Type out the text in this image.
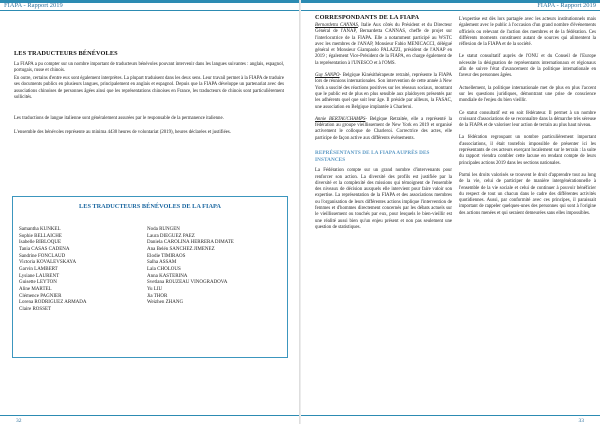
FIAPA - Rapport 2019
LES TRADUCTEURS BÉNÉVOLES

La FIAPA a pu compter sur un nombre important de traducteurs bénévoles pouvant intervenir dans les langues suivantes : anglais, espagnol, portugais, russe et chinois.

En outre, certains d'entre eux sont également interprètes. La plupart traduisent dans les deux sens. Leur travail permet à la FIAPA de traduire ses documents publics en plusieurs langues, principalement en anglais et espagnol. Depuis que la FIAPA développe un partenariat avec des associations chinoises de personnes âgées ainsi que les représentations chinoises en France, les traducteurs de chinois sont particulièrement sollicités.

Les traductions de langue italienne sont généralement assurées par le responsable de la permanence italienne.

L'ensemble des bénévoles représente au minima 4430 heures de volontariat (2019), heures déclarées et justifiées.

LES TRADUCTEURS BÉNÉVOLES DE LA FIAPA
Samantha KUNKEL
Sophie BELLAICHE
Isabelle BIBLOQUE
Tania CASAS CADENA
Sandrine FONCLAUD
Victoria KOVALEVSKAYA
Garvin LAMBERT
Lysiane LAURENT
Guisette LEYTON
Aline MARTEL
Clémence PAGNIER
Lorena RODRIGUEZ ARMADA
Claire ROSSET
Noda RUNGEN
Laura DIEGUEZ PAEZ
Daniela CAROLINA HERRERA DIMATE
Ana Belén SANCHEZ JIMENEZ
Elodie TIMIRAOS
Salha ASSAM
Lala CHOLOUS
Anna KASTERINA
Svetlana ROUZEAU VINOGRADOVA
Yu LIU
Jia THOR
Weizhen ZHANG
32
FIAPA - Rapport 2019
CORRESPONDANTS DE LA FIAPA

Bernardetta CANNAS, Italie Aux côtés du Président et du Directeur Général de l'ANAP, Bernardetta CANNAS, cheffe de projet sur l'interlocutrice de la FIAPA. Elle a notamment participé au WSTC avec les membres de l'ANAP, Monsieur Fabio MENICACCI, délégué général et Monsieur Giampaolo PALAZZI, président de l'ANAP en 2019 ; également Vice-Président de la FIAPA, en charge également de la représentation à l'UNESCO et à l'OMS.

Guy SANPO- Belgique Kinésithérapeute retraité, représente la FIAPA lors de réunions internationales. Son intervention de cette année à New York a suscité des réactions positives sur les réseaux sociaux, montrant que le public est de plus en plus sensible aux plaidoyers présentés par les adhérents quel que soit leur âge. Il préside par ailleurs, la FASAC, une association en Belgique implantée à Charleroi.

Annie BERTAUCHAMPS- Belgique Retraitée, elle a représenté la fédération au groupe vieillissement de New York en 2019 et organisé activement le colloque de Charleroi. Correctrice des actes, elle participe de façon active aux différents événements.

REPRÉSENTANTS DE LA FIAPA AUPRÈS DES INSTANCES

La Fédération compte sur un grand nombre d'intervenants pour renforcer son action. La diversité des profils est justifiée par la diversité et la complexité des missions qui témoignent de l'ensemble des niveaux de décision auxquels elle intervient pour faire valoir son expertise. La représentation de la FIAPA et des associations membres ou l'organisation de leurs différentes actions implique l'intervention de femmes et d'hommes directement concernés par les débats actuels sur le vieillissement ou touchés par eux, pour lesquels le bien-vieillir est une réalité aussi bien qu'un enjeu présent et non pas seulement une question de statistiques.

L'expertise est dès lors partagée avec les acteurs institutionnels mais également avec le public à l'occasion d'un grand nombre d'événements officiels ou relevant de l'action des membres et de la fédération. Ces différents moments constituent autant de sources qui alimentent la réflexion de la FIAPA et de la société.

Le statut consultatif auprès de l'ONU et du Conseil de l'Europe nécessite la désignation de représentants internationaux et régionaux afin de suivre l'état d'avancement de la politique internationale en faveur des personnes âgées.

Actuellement, la politique internationale met de plus en plus l'accent sur les questions juridiques, démontrant une prise de conscience mondiale de l'enjeu du bien vieillir.

Ce statut consultatif est en soit fédérateur. Il permet à un nombre croissant d'associations de se reconnaître dans la démarche très séreuse de la FIAPA et de valoriser leur action de terrain au plus haut niveau.

La fédération regroupant un nombre particulièrement important d'associations, il était toutefois impossible de présenter ici les représentants de ces acteurs exerçant localement sur le terrain : la suite du rapport viendra combler cette lacune en rendant compte de leurs principales actions 2019 dans les sections nationales.

Parmi les droits valorisés se trouvent le droit d'apprendre tout au long de la vie, celui de participer de manière intergénérationnelle à l'ensemble de la vie sociale et celui de continuer à pouvoir bénéficier du respect de tout un chacun dans le cadre des différentes activités quotidiennes. Aussi, par conformité avec ces principes, il paraissait important de rappeler quelques-unes des personnes qui sont à l'origine des actions menées et qui seraient demeurées sans elles impossibles.

33
